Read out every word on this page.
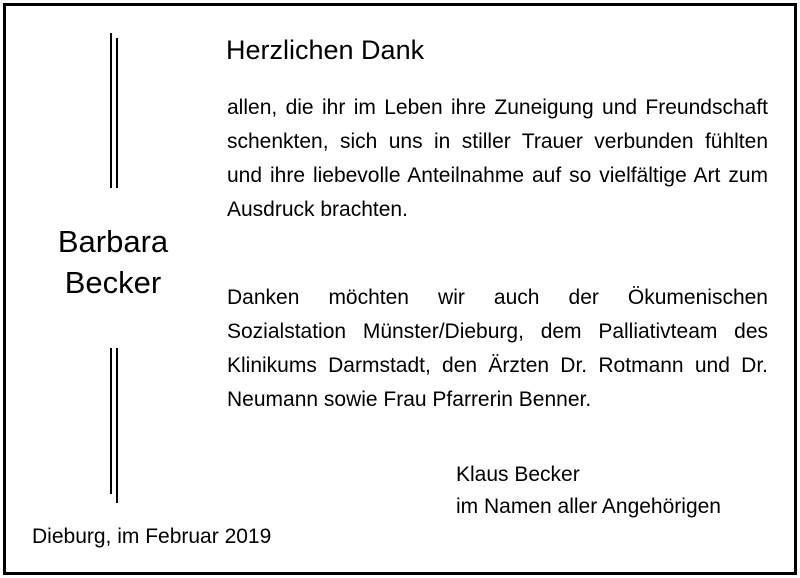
Herzlichen Dank
Barbara
Becker

allen, die ihr im Leben ihre Zuneigung und Freundschaft schenkten, sich uns in stiller Trauer verbunden fühlten und ihre liebevolle Anteilnahme auf so vielfältige Art zum Ausdruck brachten.

Danken möchten wir auch der Ökumenischen Sozialstation Münster/Dieburg, dem Palliativteam des Klinikums Darmstadt, den Ärzten Dr. Rotmann und Dr. Neumann sowie Frau Pfarrerin Benner.

Klaus Becker
im Namen aller Angehörigen
Dieburg, im Februar 2019
